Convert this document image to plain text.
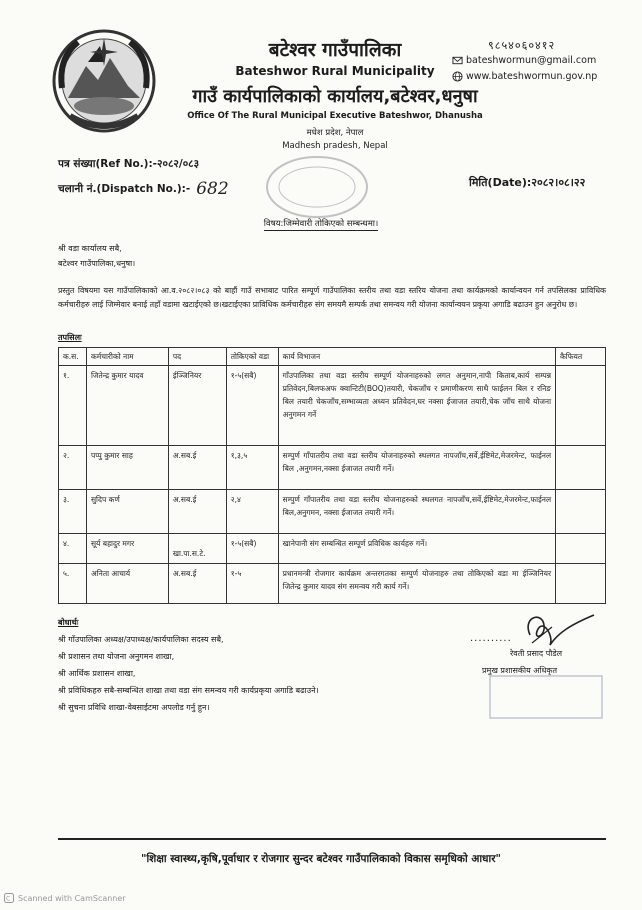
बटेश्वर गाउँपालिका
Bateshwor Rural Municipality
गाउँ कार्यपालिकाको कार्यालय,बटेश्वर,धनुषा
Office Of The Rural Municipal Executive Bateshwor, Dhanusha
मधेश प्रदेश, नेपाल
Madhesh pradesh, Nepal
९८५४०६०४१२
bateshwormun@gmail.com
www.bateshwormun.gov.np
पत्र संख्या(Ref No.):-२०८२/०८३
चलानी नं.(Dispatch No.):- 682	मिति(Date):२०८२।०८।२२
विषय:जिम्मेवारी तोकिएको सम्बन्धमा।
श्री वडा कार्यालय सबै,
बटेश्वर गाउँपालिका,धनुषा।
प्रस्तुत विषयमा यस गाउँपालिकाको आ.व.२०८२।०८३ को बाहौं गाउँ सभाबाट पारित सम्पूर्ण गाउँपालिका स्तरीय तथा वडा स्तरिय योजना तथा कार्यक्रमको कार्यान्वयन गर्न तपसिलका प्राविधिक कर्मचारीहरु लाई जिम्मेवार बनाई तहाँ वडामा खटाईएको छ।खटाईएका प्राविधिक कर्मचारीहरु संग समयमै सम्पर्क तथा समन्वय गरी योजना कार्यान्वयन प्रकृया अगाडि बढाउन हुन अनुरोध छ।
तपसिलः
क.स.	कर्मचारीको नाम	पद	तोकिएको वडा	कार्य विभाजन	कैफियत
१.	जितेन्द्र कुमार यादव	ईञ्जिनियर	१-५(सबै)	गाँउपालिका तथा वडा स्तरीय सम्पूर्ण योजनाहरुको लगत अनुमान,नापी किताब,कार्य सम्पन्न प्रतिवेदन,बिलफअफ क्वान्टिटी(BOQ)तयारी, चेकजाँच र प्रमाणीकरण साथै फाईलन बिल र रनिङ बिल तयारी चेकजाँच,सम्भाव्यता अध्यन प्रतिवेदन,घर नक्सा ईजाजत तयारी,चेक जाँच साथै योजना अनुगमन गर्ने	
२.	पप्पु कुमार साह	अ.सब.ई	१,३,५	सम्पुर्ण गाँपातरीय तथा वडा स्तरीय योजनाहरुको स्थलगत नापजाँच,सर्वे,ईष्टिमेट,मेजरमेन्ट, फाईनल बिल ,अनुगमन,नक्सा ईजाजत तयारी गर्ने।	
३.	सुदिप कर्ण	अ.सब.ई	२,४	सम्पुर्ण गाँपातरीय तथा वडा स्तरीय योजनाहरुको स्थलगत नापजाँच,सर्वे,ईष्टिमेट,मेजरमेन्ट,फाईनल बिल,अनुगमन, नक्सा ईजाजत तयारी गर्ने।	
४.	सूर्य बहादुर मगर	खा.पा.स.टे.	१-५(सबै)	खानेपानी संग सम्बन्धित सम्पूर्ण प्रविधिक कार्यहरु गर्ने।	
५.	अनिता आचार्य	अ.सब.ई	१-५	प्रधानमन्त्री रोजगार कार्यक्रम अन्तरगतका सम्पुर्ण योजनाहरु तथा तोकिएको वडा मा ईञ्जिनियर जितेन्द्र कुमार यादव संग समन्वय गरी कार्य गर्ने।	
बोधार्थः
श्री गाँउपालिका अध्यक्ष/उपाध्यक्ष/कार्यपालिका सदस्य सबै,
श्री प्रशासन तथा योजना अनुगमन शाखा,
श्री आर्थिक प्रशासन शाखा,
श्री प्रविधिकहरु सबै-सम्बन्धित शाखा तथा वडा संग समन्वय गरी कार्यप्रकृया अगाडि बढाउने।
श्री सुचना प्रविधि शाखा-वेबसाईटमा अपलोड गर्नु हुन।
..........
रेवती प्रसाद पौडेल
प्रमुख प्रशासकीय अधिकृत
"शिक्षा स्वास्थ्य,कृषि,पूर्वाधार र रोजगार सुन्दर बटेश्वर गाउँपालिकाको विकास समृधिको आधार"
C Scanned with CamScanner
